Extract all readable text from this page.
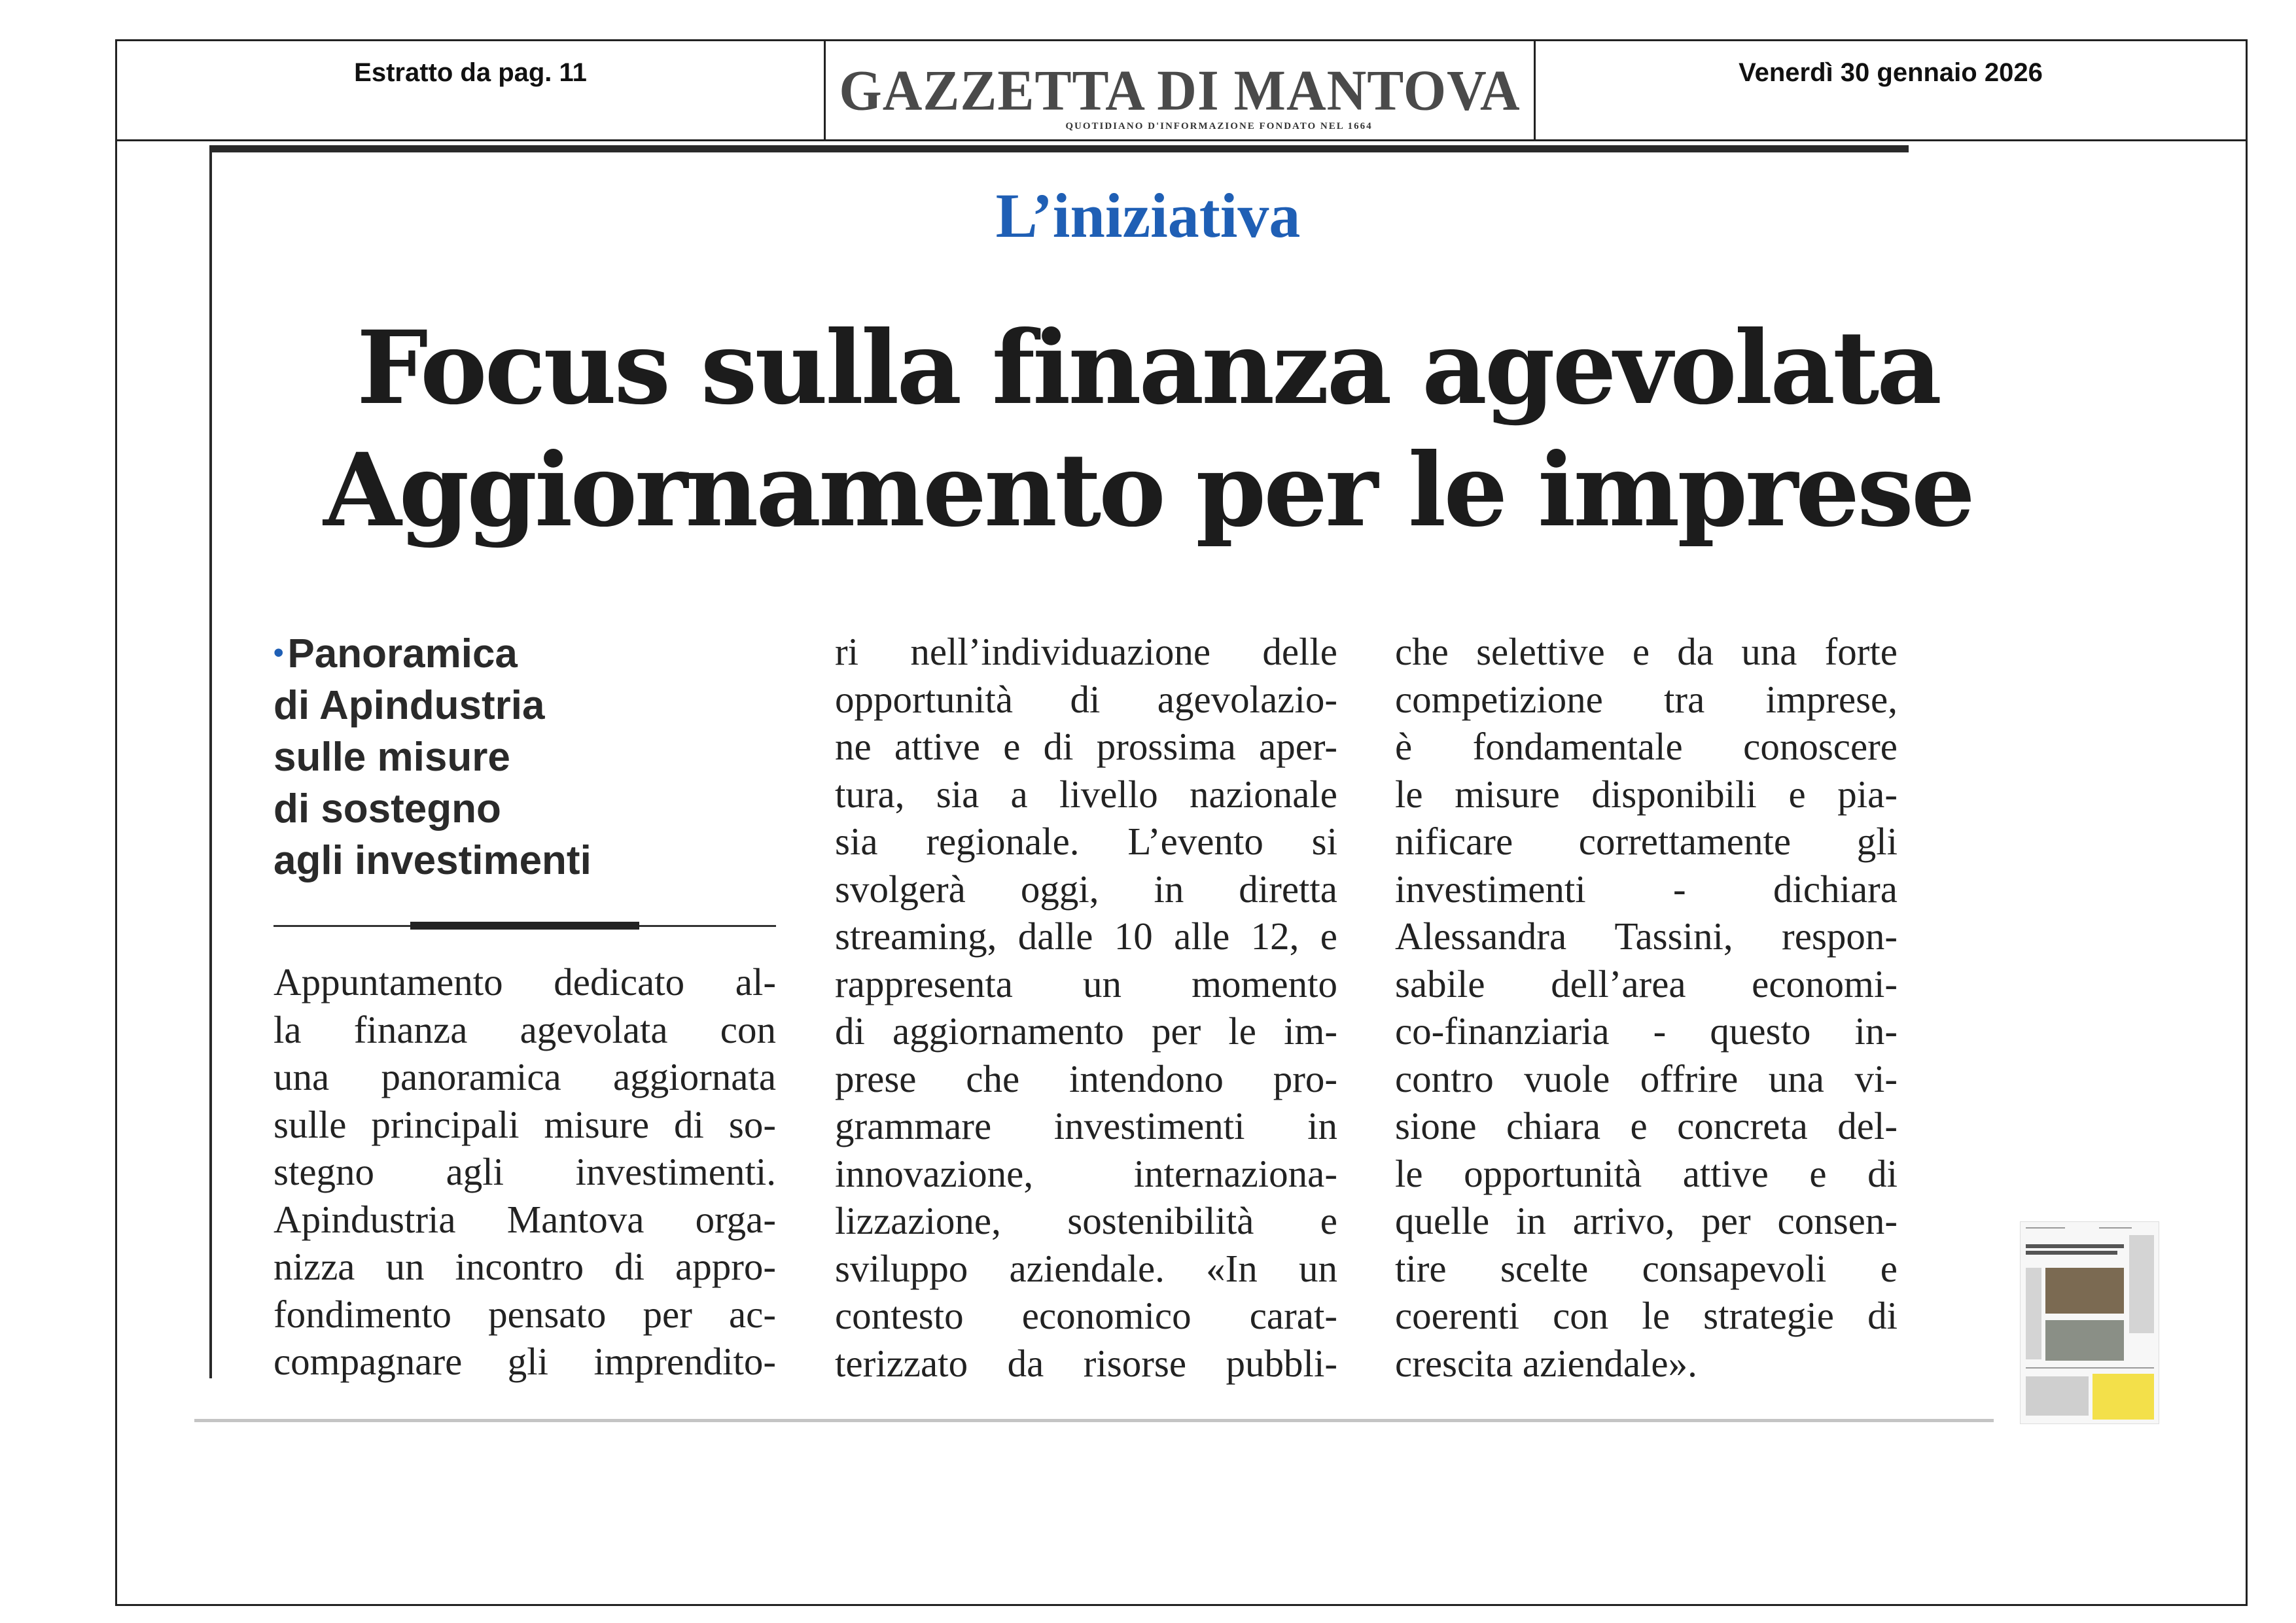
Estratto da pag. 11	GAZZETTA DI MANTOVA
QUOTIDIANO D'INFORMAZIONE FONDATO NEL 1664
Venerdì 30 gennaio 2026
L’iniziativa
Focus sulla finanza agevolata
Aggiornamento per le imprese
•Panoramica
di Apindustria
sulle misure
di sostegno
agli investimenti
Appuntamento dedicato al-
la finanza agevolata con
una panoramica aggiornata
sulle principali misure di so-
stegno agli investimenti.
Apindustria Mantova orga-
nizza un incontro di appro-
fondimento pensato per ac-
compagnare gli imprendito-
ri nell’individuazione delle
opportunità di agevolazio-
ne attive e di prossima aper-
tura, sia a livello nazionale
sia regionale. L’evento si
svolgerà oggi, in diretta
streaming, dalle 10 alle 12, e
rappresenta un momento
di aggiornamento per le im-
prese che intendono pro-
grammare investimenti in
innovazione, internaziona-
lizzazione, sostenibilità e
sviluppo aziendale. «In un
contesto economico carat-
terizzato da risorse pubbli-
che selettive e da una forte
competizione tra imprese,
è fondamentale conoscere
le misure disponibili e pia-
nificare correttamente gli
investimenti - dichiara
Alessandra Tassini, respon-
sabile dell’area economi-
co-finanziaria - questo in-
contro vuole offrire una vi-
sione chiara e concreta del-
le opportunità attive e di
quelle in arrivo, per consen-
tire scelte consapevoli e
coerenti con le strategie di
crescita aziendale».
